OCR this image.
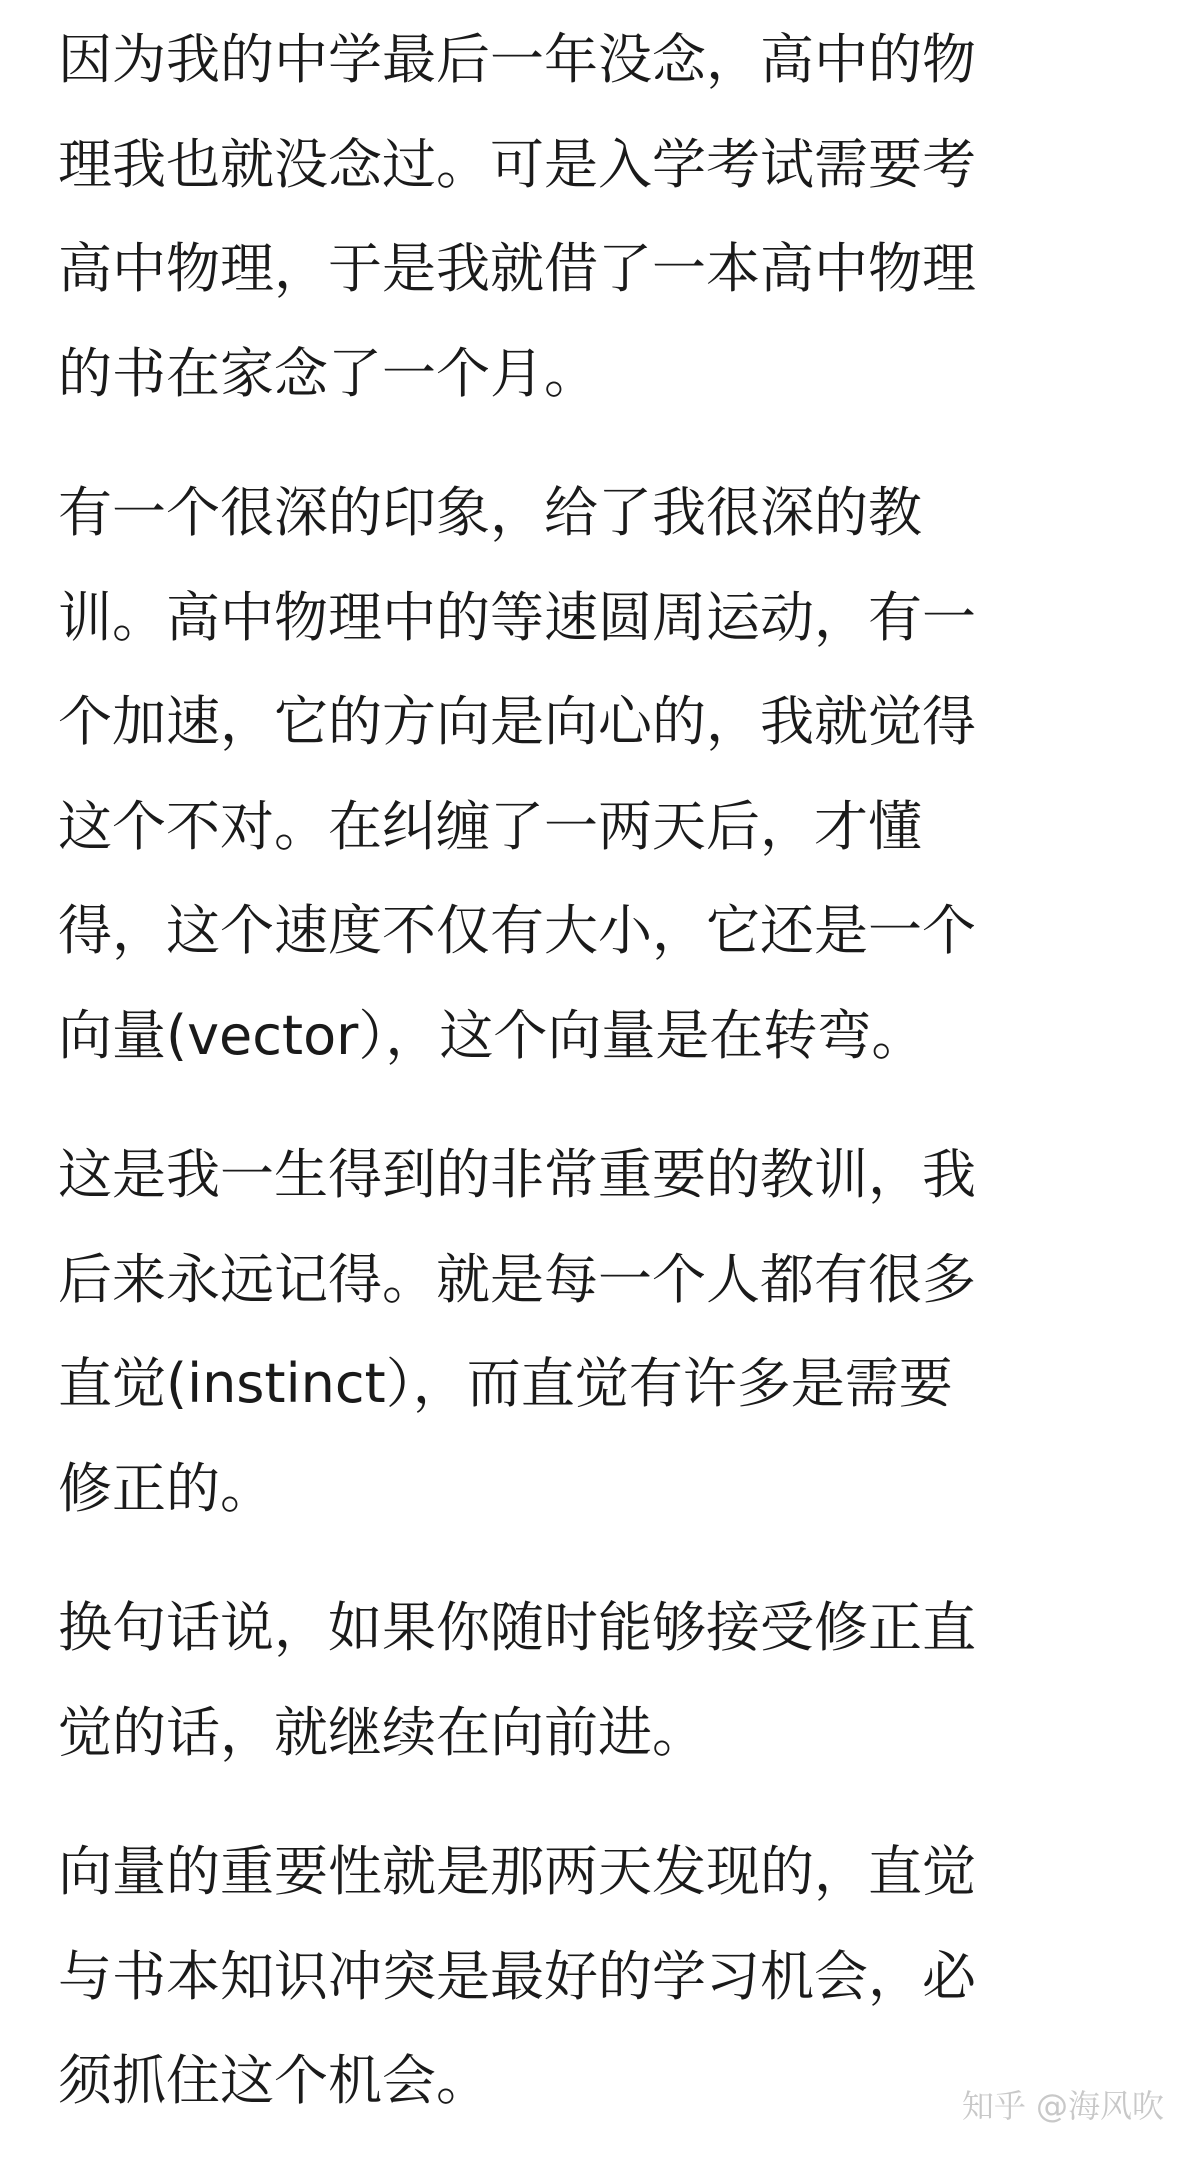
因为我的中学最后一年没念，高中的物
理我也就没念过。可是入学考试需要考
高中物理，于是我就借了一本高中物理
的书在家念了一个月。

有一个很深的印象，给了我很深的教
训。高中物理中的等速圆周运动，有一
个加速，它的方向是向心的，我就觉得
这个不对。在纠缠了一两天后，才懂
得，这个速度不仅有大小，它还是一个
向量(vector），这个向量是在转弯。

这是我一生得到的非常重要的教训，我
后来永远记得。就是每一个人都有很多
直觉(instinct），而直觉有许多是需要
修正的。

换句话说，如果你随时能够接受修正直
觉的话，就继续在向前进。

向量的重要性就是那两天发现的，直觉
与书本知识冲突是最好的学习机会，必
须抓住这个机会。	知乎 @海风吹
